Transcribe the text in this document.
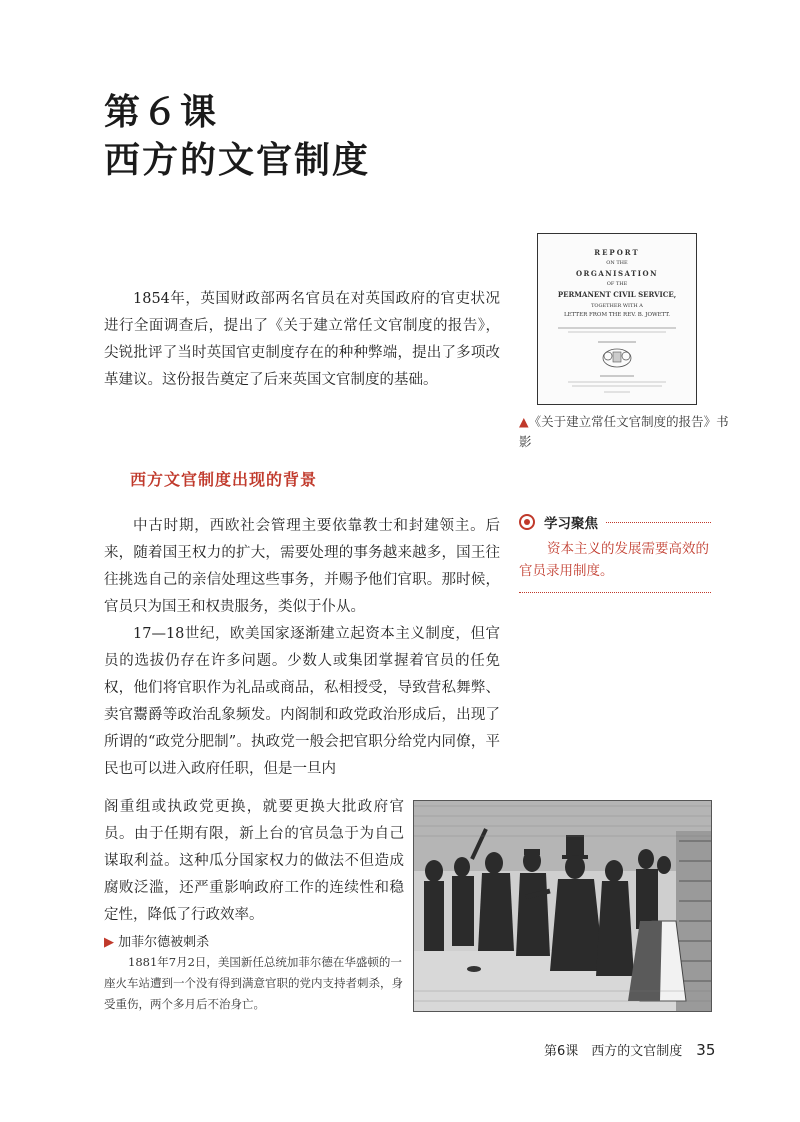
第６课
西方的文官制度
REPORT
ON THE
ORGANISATION
OF THE
PERMANENT CIVIL SERVICE,
TOGETHER WITH A
LETTER FROM THE REV. B. JOWETT.
1854年，英国财政部两名官员在对英国政府的官吏状况进行全面调查后，提出了《关于建立常任文官制度的报告》，尖锐批评了当时英国官吏制度存在的种种弊端，提出了多项改革建议。这份报告奠定了后来英国文官制度的基础。
▲《关于建立常任文官制度的报告》书影
西方文官制度出现的背景
中古时期，西欧社会管理主要依靠教士和封建领主。后来，随着国王权力的扩大，需要处理的事务越来越多，国王往往挑选自己的亲信处理这些事务，并赐予他们官职。那时候，官员只为国王和权贵服务，类似于仆从。
17—18世纪，欧美国家逐渐建立起资本主义制度，但官员的选拔仍存在许多问题。少数人或集团掌握着官员的任免权，他们将官职作为礼品或商品，私相授受，导致营私舞弊、卖官鬻爵等政治乱象频发。内阁制和政党政治形成后，出现了所谓的“政党分肥制”。执政党一般会把官职分给党内同僚，平民也可以进入政府任职，但是一旦内
阁重组或执政党更换，就要更换大批政府官员。由于任期有限，新上台的官员急于为自己谋取利益。这种瓜分国家权力的做法不但造成腐败泛滥，还严重影响政府工作的连续性和稳定性，降低了行政效率。
学习聚焦
资本主义的发展需要高效的官员录用制度。
▶ 加菲尔德被刺杀
1881年7月2日，美国新任总统加菲尔德在华盛顿的一座火车站遭到一个没有得到满意官职的党内支持者刺杀，身受重伤，两个多月后不治身亡。
第6课　西方的文官制度 35
